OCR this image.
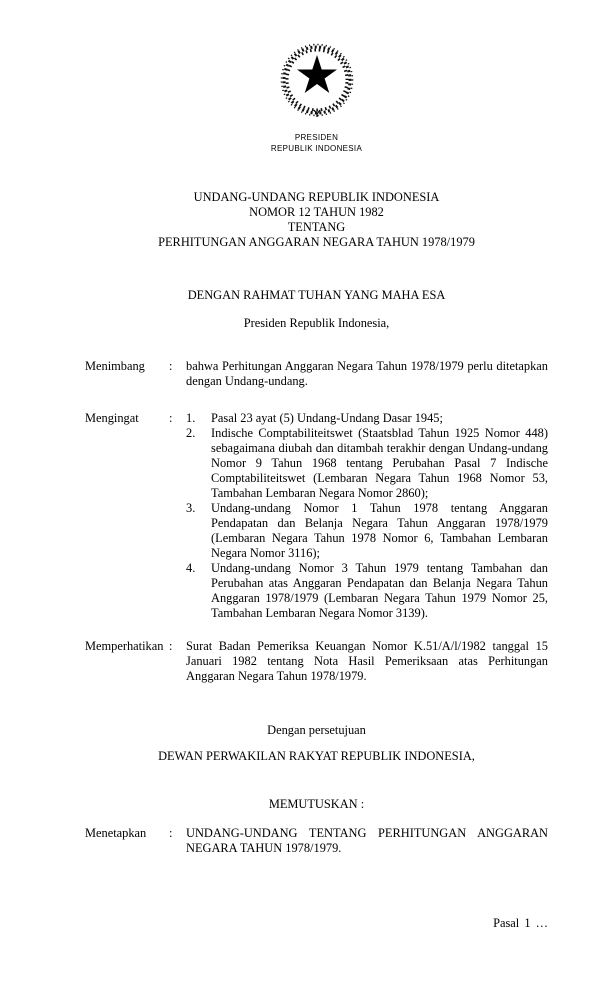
PRESIDEN
REPUBLIK INDONESIA
UNDANG-UNDANG REPUBLIK INDONESIA
NOMOR 12 TAHUN 1982
TENTANG
PERHITUNGAN ANGGARAN NEGARA TAHUN 1978/1979
DENGAN RAHMAT TUHAN YANG MAHA ESA
Presiden Republik Indonesia,
Menimbang	:	bahwa Perhitungan Anggaran Negara Tahun 1978/1979 perlu ditetapkan dengan Undang-undang.
Mengingat	:	1.	Pasal 23 ayat (5) Undang-Undang Dasar 1945;
2.	Indische Comptabiliteitswet (Staatsblad Tahun 1925 Nomor 448) sebagaimana diubah dan ditambah terakhir dengan Undang-undang Nomor 9 Tahun 1968 tentang Perubahan Pasal 7 Indische Comptabiliteitswet (Lembaran Negara Tahun 1968 Nomor 53, Tambahan Lembaran Negara Nomor 2860);
3.	Undang-undang Nomor 1 Tahun 1978 tentang Anggaran Pendapatan dan Belanja Negara Tahun Anggaran 1978/1979 (Lembaran Negara Tahun 1978 Nomor 6, Tambahan Lembaran Negara Nomor 3116);
4.	Undang-undang Nomor 3 Tahun 1979 tentang Tambahan dan Perubahan atas Anggaran Pendapatan dan Belanja Negara Tahun Anggaran 1978/1979 (Lembaran Negara Tahun 1979 Nomor 25, Tambahan Lembaran Negara Nomor 3139).
Memperhatikan :	Surat Badan Pemeriksa Keuangan Nomor K.51/A/l/1982 tanggal 15 Januari 1982 tentang Nota Hasil Pemeriksaan atas Perhitungan Anggaran Negara Tahun 1978/1979.
Dengan persetujuan
DEWAN PERWAKILAN RAKYAT REPUBLIK INDONESIA,
MEMUTUSKAN :
Menetapkan	:	UNDANG-UNDANG TENTANG PERHITUNGAN ANGGARAN NEGARA TAHUN 1978/1979.
Pasal 1 …
